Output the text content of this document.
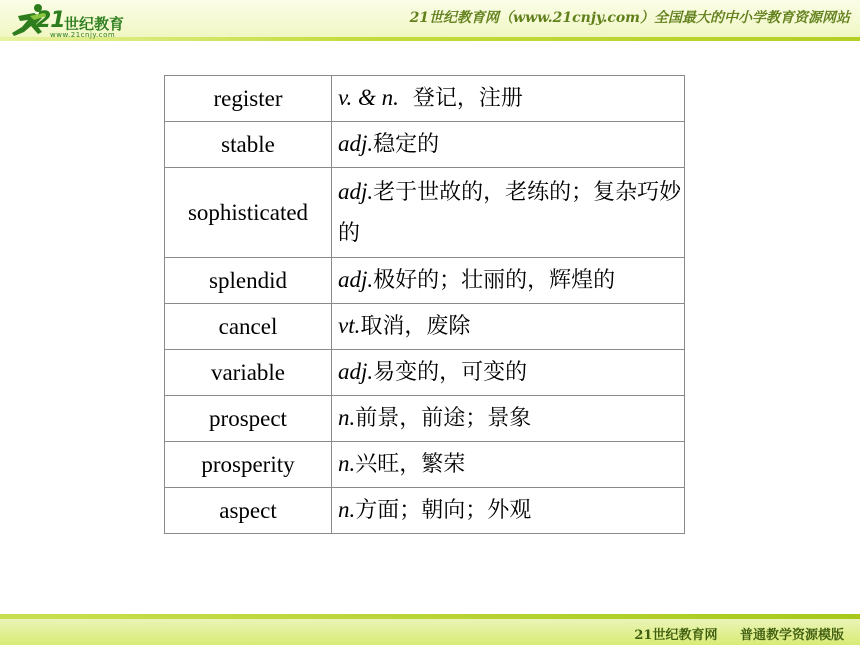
21 世纪教育
www.21cnjy.com
21世纪教育网（www.21cnjy.com）全国最大的中小学教育资源网站
register	v. & n.  登记，注册
stable	adj.稳定的
sophisticated	adj.老于世故的，老练的；复杂巧妙的
splendid	adj.极好的；壮丽的，辉煌的
cancel	vt.取消，废除
variable	adj.易变的，可变的
prospect	n.前景，前途；景象
prosperity	n.兴旺，繁荣
aspect	n.方面；朝向；外观
21世纪教育网 普通教学资源模版
